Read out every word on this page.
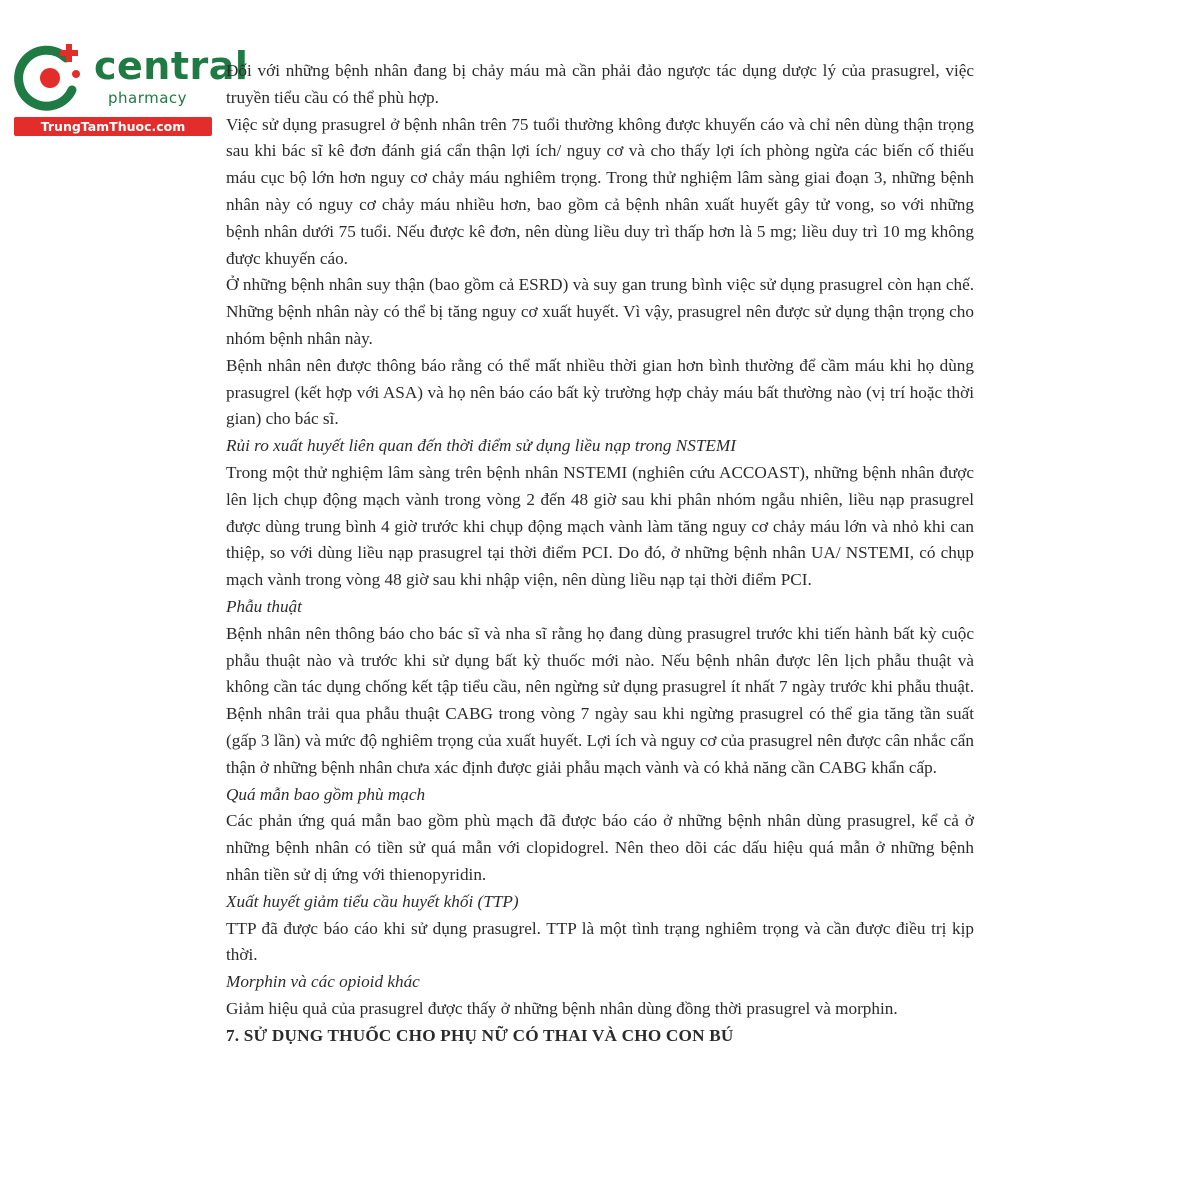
central
pharmacy
TrungTamThuoc.com

Đối với những bệnh nhân đang bị chảy máu mà cần phải đảo ngược tác dụng dược lý của prasugrel, việc truyền tiểu cầu có thể phù hợp.

Việc sử dụng prasugrel ở bệnh nhân trên 75 tuổi thường không được khuyến cáo và chỉ nên dùng thận trọng sau khi bác sĩ kê đơn đánh giá cẩn thận lợi ích/ nguy cơ và cho thấy lợi ích phòng ngừa các biến cố thiếu máu cục bộ lớn hơn nguy cơ chảy máu nghiêm trọng. Trong thử nghiệm lâm sàng giai đoạn 3, những bệnh nhân này có nguy cơ chảy máu nhiều hơn, bao gồm cả bệnh nhân xuất huyết gây tử vong, so với những bệnh nhân dưới 75 tuổi. Nếu được kê đơn, nên dùng liều duy trì thấp hơn là 5 mg; liều duy trì 10 mg không được khuyến cáo.

Ở những bệnh nhân suy thận (bao gồm cả ESRD) và suy gan trung bình việc sử dụng prasugrel còn hạn chế. Những bệnh nhân này có thể bị tăng nguy cơ xuất huyết. Vì vậy, prasugrel nên được sử dụng thận trọng cho nhóm bệnh nhân này.

Bệnh nhân nên được thông báo rằng có thể mất nhiều thời gian hơn bình thường để cầm máu khi họ dùng prasugrel (kết hợp với ASA) và họ nên báo cáo bất kỳ trường hợp chảy máu bất thường nào (vị trí hoặc thời gian) cho bác sĩ.

Rủi ro xuất huyết liên quan đến thời điểm sử dụng liều nạp trong NSTEMI

Trong một thử nghiệm lâm sàng trên bệnh nhân NSTEMI (nghiên cứu ACCOAST), những bệnh nhân được lên lịch chụp động mạch vành trong vòng 2 đến 48 giờ sau khi phân nhóm ngẫu nhiên, liều nạp prasugrel được dùng trung bình 4 giờ trước khi chụp động mạch vành làm tăng nguy cơ chảy máu lớn và nhỏ khi can thiệp, so với dùng liều nạp prasugrel tại thời điểm PCI. Do đó, ở những bệnh nhân UA/ NSTEMI, có chụp mạch vành trong vòng 48 giờ sau khi nhập viện, nên dùng liều nạp tại thời điểm PCI.

Phẫu thuật

Bệnh nhân nên thông báo cho bác sĩ và nha sĩ rằng họ đang dùng prasugrel trước khi tiến hành bất kỳ cuộc phẫu thuật nào và trước khi sử dụng bất kỳ thuốc mới nào. Nếu bệnh nhân được lên lịch phẫu thuật và không cần tác dụng chống kết tập tiểu cầu, nên ngừng sử dụng prasugrel ít nhất 7 ngày trước khi phẫu thuật. Bệnh nhân trải qua phẫu thuật CABG trong vòng 7 ngày sau khi ngừng prasugrel có thể gia tăng tần suất (gấp 3 lần) và mức độ nghiêm trọng của xuất huyết. Lợi ích và nguy cơ của prasugrel nên được cân nhắc cẩn thận ở những bệnh nhân chưa xác định được giải phẫu mạch vành và có khả năng cần CABG khẩn cấp.

Quá mẫn bao gồm phù mạch

Các phản ứng quá mẫn bao gồm phù mạch đã được báo cáo ở những bệnh nhân dùng prasugrel, kể cả ở những bệnh nhân có tiền sử quá mẫn với clopidogrel. Nên theo dõi các dấu hiệu quá mẫn ở những bệnh nhân tiền sử dị ứng với thienopyridin.

Xuất huyết giảm tiểu cầu huyết khối (TTP)

TTP đã được báo cáo khi sử dụng prasugrel. TTP là một tình trạng nghiêm trọng và cần được điều trị kịp thời.

Morphin và các opioid khác

Giảm hiệu quả của prasugrel được thấy ở những bệnh nhân dùng đồng thời prasugrel và morphin.

7. SỬ DỤNG THUỐC CHO PHỤ NỮ CÓ THAI VÀ CHO CON BÚ
